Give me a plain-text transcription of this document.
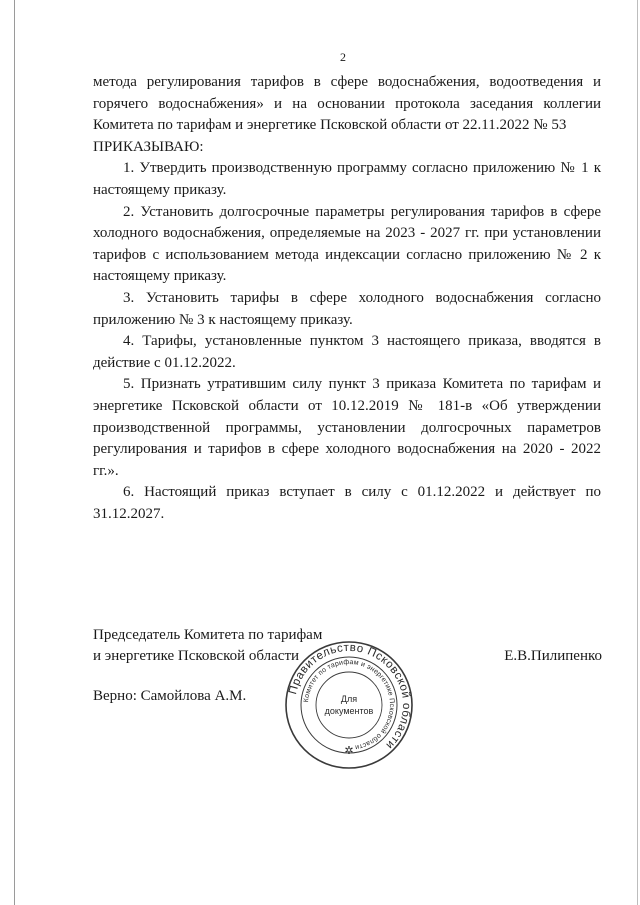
2

метода регулирования тарифов в сфере водоснабжения, водоотведения и горячего водоснабжения» и на основании протокола заседания коллегии Комитета по тарифам и энергетике Псковской области от 22.11.2022 № 53

ПРИКАЗЫВАЮ:

1. Утвердить производственную программу согласно приложению № 1 к настоящему приказу.

2. Установить долгосрочные параметры регулирования тарифов в сфере холодного водоснабжения, определяемые на 2023 - 2027 гг. при установлении тарифов с использованием метода индексации согласно приложению № 2 к настоящему приказу.

3. Установить тарифы в сфере холодного водоснабжения согласно приложению № 3 к настоящему приказу.

4. Тарифы, установленные пунктом 3 настоящего приказа, вводятся в действие с 01.12.2022.

5. Признать утратившим силу пункт 3 приказа Комитета по тарифам и энергетике Псковской области от 10.12.2019 № 181-в «Об утверждении производственной программы, установлении долгосрочных параметров регулирования и тарифов в сфере холодного водоснабжения на 2020 - 2022 гг.».

6. Настоящий приказ вступает в силу с 01.12.2022 и действует по 31.12.2027.

Председатель Комитета по тарифам
и энергетике Псковской области	Е.В.Пилипенко
Верно: Самойлова А.М.	Правительство Псковской области
Комитет по тарифам и энергетике Псковской области
Для
документов
✲
